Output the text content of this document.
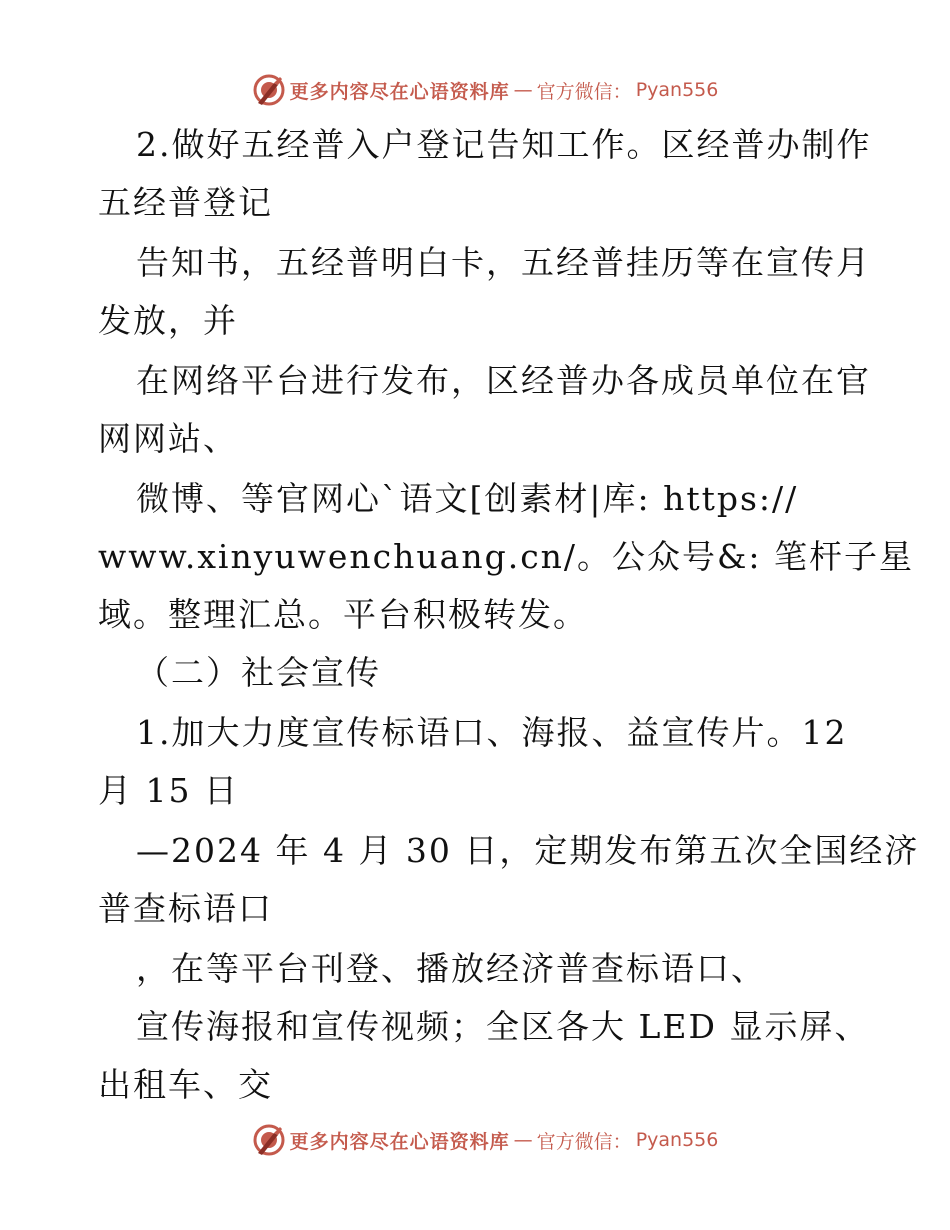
更多内容尽在心语资料库 — 官方微信： Pyan556
2.做好五经普入户登记告知工作。区经普办制作
五经普登记
告知书，五经普明白卡，五经普挂历等在宣传月
发放，并
在网络平台进行发布，区经普办各成员单位在官
网网站、
微博、等官网心`语文[创素材|库: https://
www.xinyuwenchuang.cn/。公众号&: 笔杆子星
域。整理汇总。平台积极转发。
（二）社会宣传
1.加大力度宣传标语口、海报、益宣传片。12
月 15 日
—2024 年 4 月 30 日，定期发布第五次全国经济
普查标语口
，在等平台刊登、播放经济普查标语口、
宣传海报和宣传视频；全区各大 LED 显示屏、
出租车、交
更多内容尽在心语资料库 — 官方微信： Pyan556
